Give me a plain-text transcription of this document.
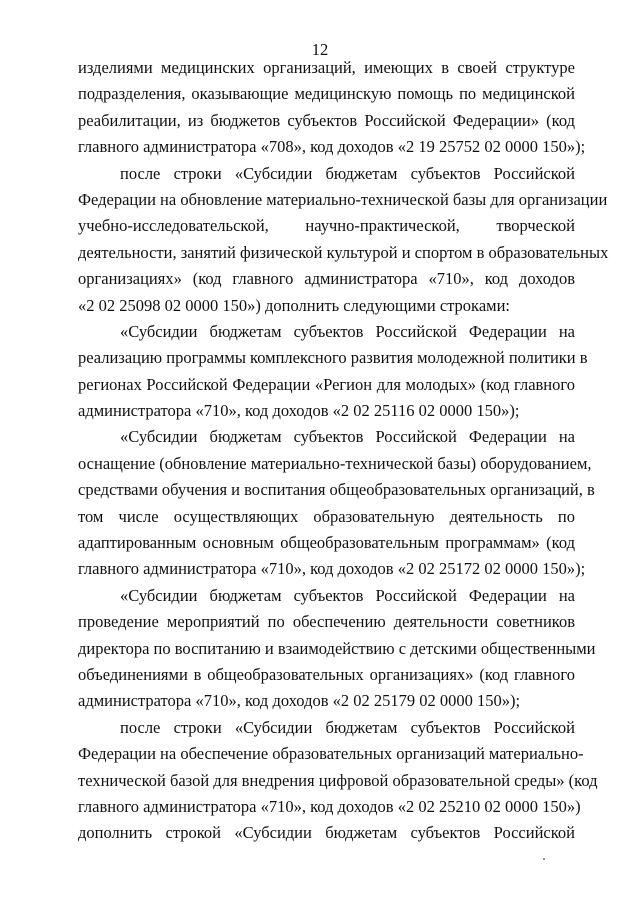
12
изделиями медицинских организаций, имеющих в своей структуре
подразделения, оказывающие медицинскую помощь по медицинской
реабилитации, из бюджетов субъектов Российской Федерации» (код
главного администратора «708», код доходов «2 19 25752 02 0000 150»);
после строки «Субсидии бюджетам субъектов Российской
Федерации на обновление материально-технической базы для организации
учебно-исследовательской, научно-практической, творческой
деятельности, занятий физической культурой и спортом в образовательных
организациях» (код главного администратора «710», код доходов
«2 02 25098 02 0000 150») дополнить следующими строками:
«Субсидии бюджетам субъектов Российской Федерации на
реализацию программы комплексного развития молодежной политики в
регионах Российской Федерации «Регион для молодых» (код главного
администратора «710», код доходов «2 02 25116 02 0000 150»);
«Субсидии бюджетам субъектов Российской Федерации на
оснащение (обновление материально-технической базы) оборудованием,
средствами обучения и воспитания общеобразовательных организаций, в
том числе осуществляющих образовательную деятельность по
адаптированным основным общеобразовательным программам» (код
главного администратора «710», код доходов «2 02 25172 02 0000 150»);
«Субсидии бюджетам субъектов Российской Федерации на
проведение мероприятий по обеспечению деятельности советников
директора по воспитанию и взаимодействию с детскими общественными
объединениями в общеобразовательных организациях» (код главного
администратора «710», код доходов «2 02 25179 02 0000 150»);
после строки «Субсидии бюджетам субъектов Российской
Федерации на обеспечение образовательных организаций материально-
технической базой для внедрения цифровой образовательной среды» (код
главного администратора «710», код доходов «2 02 25210 02 0000 150»)
дополнить строкой «Субсидии бюджетам субъектов Российской
